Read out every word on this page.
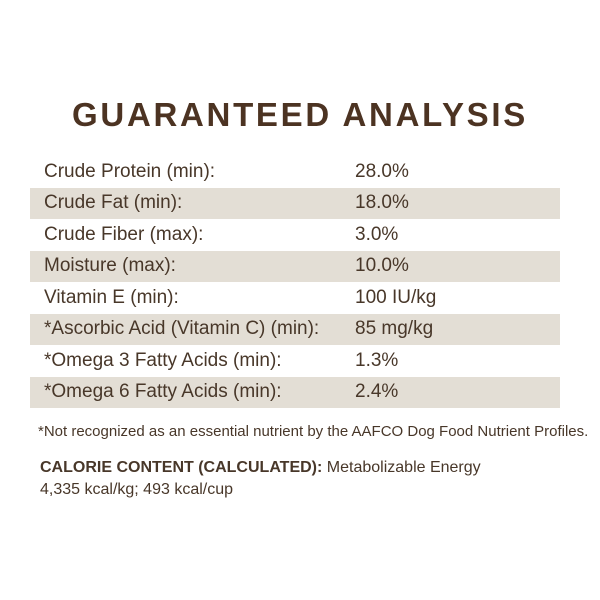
GUARANTEED ANALYSIS
Crude Protein (min):	28.0%
Crude Fat (min):	18.0%
Crude Fiber (max):	3.0%
Moisture (max):	10.0%
Vitamin E (min):	100 IU/kg
*Ascorbic Acid (Vitamin C) (min): 85 mg/kg
*Omega 3 Fatty Acids (min):	1.3%
*Omega 6 Fatty Acids (min):	2.4%
*Not recognized as an essential nutrient by the AAFCO Dog Food Nutrient Profiles.
CALORIE CONTENT (CALCULATED): Metabolizable Energy
4,335 kcal/kg; 493 kcal/cup
